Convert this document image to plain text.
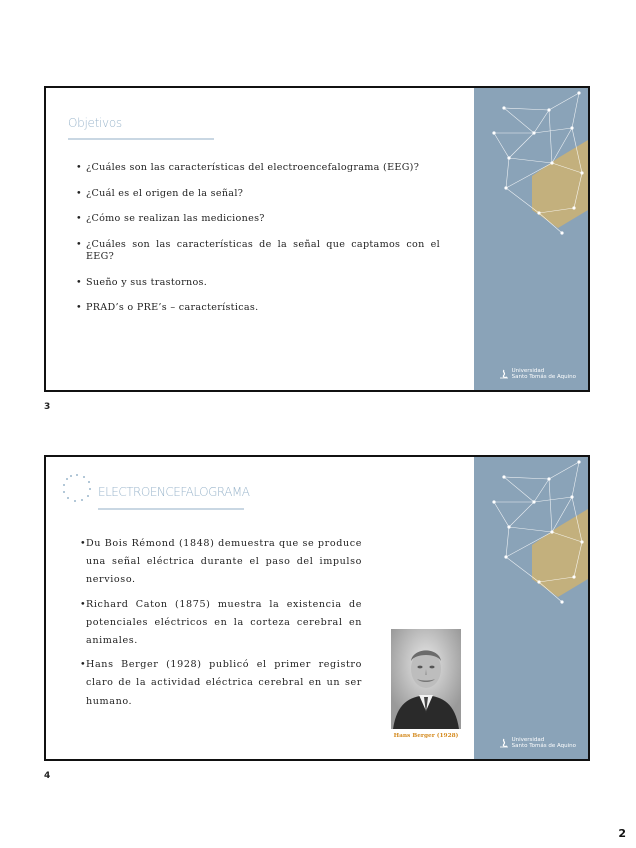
Objetivos
• ¿Cuáles son las características del electroencefalograma (EEG)?
• ¿Cuál es el origen de la señal?
• ¿Cómo se realizan las mediciones?
• ¿Cuáles son las características de la señal que captamos con el EEG?
• Sueño y sus trastornos.
• PRAD’s o PRE’s – características.
Universidad
Santo Tomás de Aquino
3
ELECTROENCEFALOGRAMA
• Du Bois Rémond (1848) demuestra que se produce una señal eléctrica durante el paso del impulso nervioso.
• Richard Caton (1875) muestra la existencia de potenciales eléctricos en la corteza cerebral en animales.
• Hans Berger (1928) publicó el primer registro claro de la actividad eléctrica cerebral en un ser humano.
Hans Berger (1928)
Universidad
Santo Tomás de Aquino
4
2
